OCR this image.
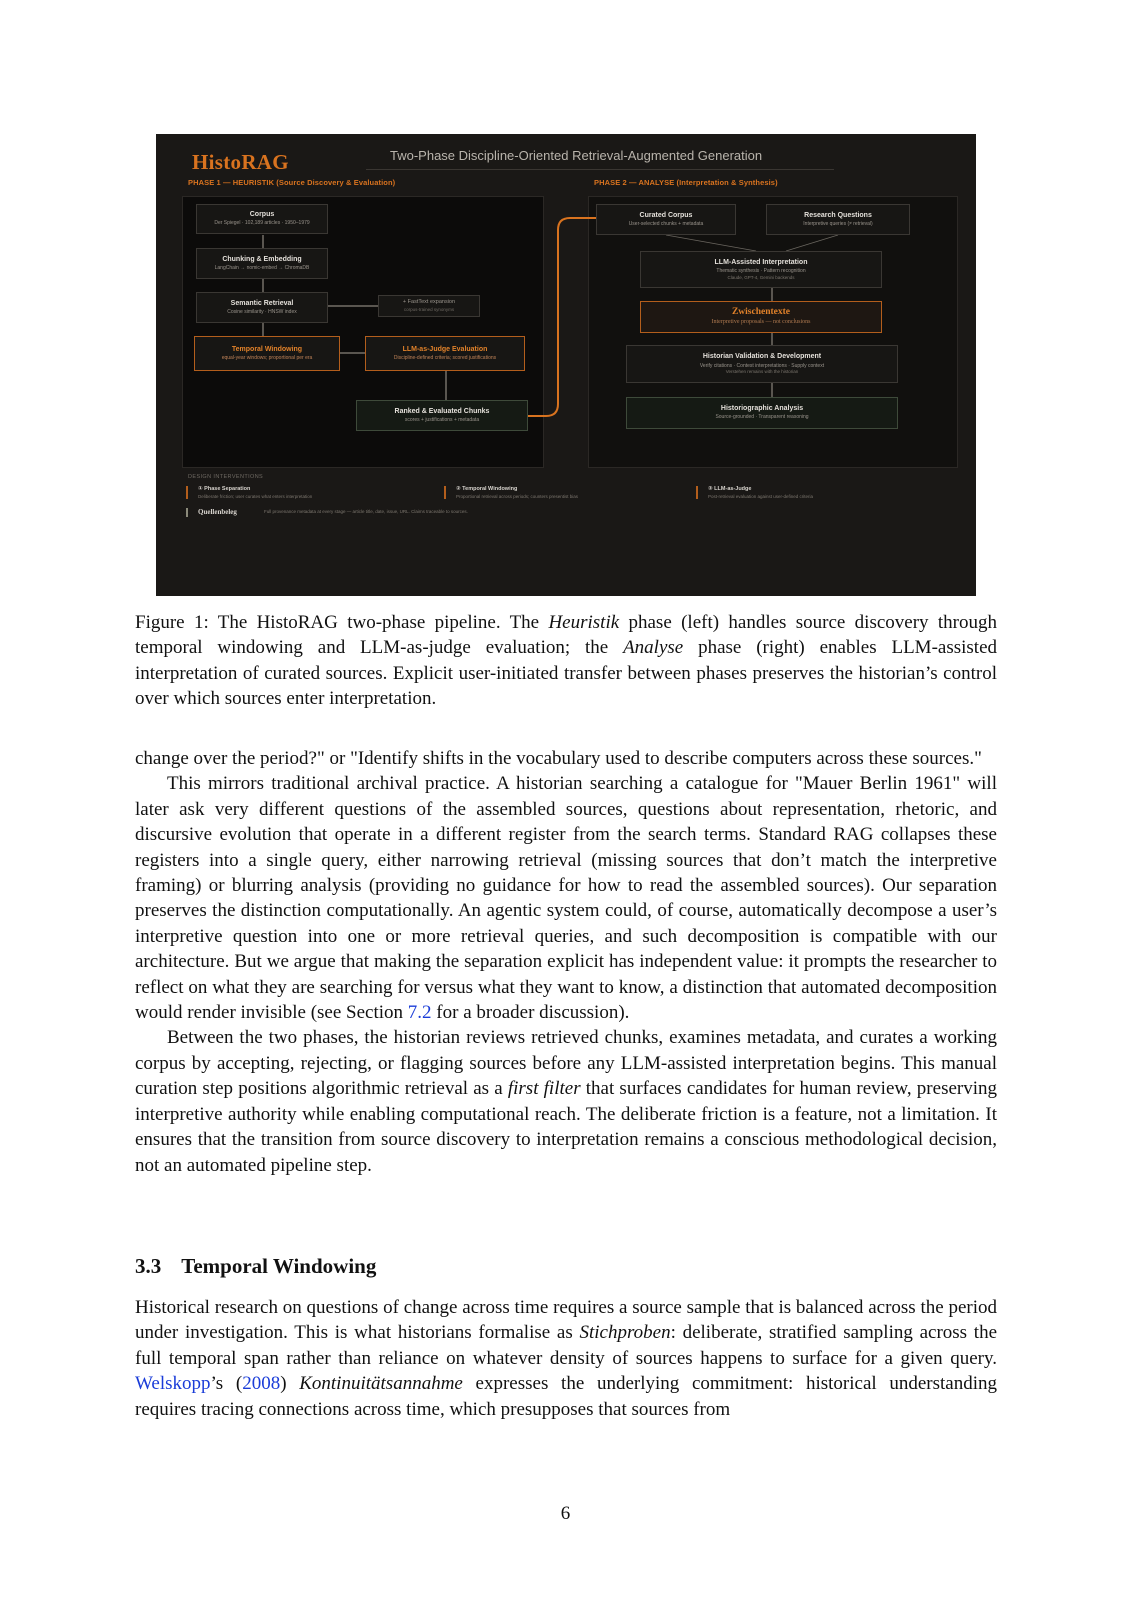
HistoRAG	Two-Phase Discipline-Oriented Retrieval-Augmented Generation
PHASE 1 — HEURISTIK (Source Discovery & Evaluation)	PHASE 2 — ANALYSE (Interpretation & Synthesis)
Corpus
Der Spiegel · 102,189 articles · 1950–1979
Chunking & Embedding
LangChain → nomic-embed → ChromaDB
Semantic Retrieval
Cosine similarity · HNSW index
+ FastText expansion
corpus-trained synonyms
Temporal Windowing
equal-year windows; proportional per era
LLM-as-Judge Evaluation
Discipline-defined criteria; scored justifications
Ranked & Evaluated Chunks
scores + justifications + metadata
Curated Corpus
User-selected chunks + metadata
Research Questions
Interpretive queries (≠ retrieval)
LLM-Assisted Interpretation
Thematic synthesis · Pattern recognition
Claude, GPT-4, Gemini backends
Zwischentexte
Interpretive proposals — not conclusions
Historian Validation & Development
Verify citations · Contest interpretations · Supply context
Verstehen remains with the historian
Historiographic Analysis
Source-grounded · Transparent reasoning
DESIGN INTERVENTIONS
① Phase Separation
Deliberate friction; user curates what enters interpretation
② Temporal Windowing
Proportional retrieval across periods; counters presentist bias
③ LLM-as-Judge
Post-retrieval evaluation against user-defined criteria
Quellenbeleg	Full provenance metadata at every stage — article title, date, issue, URL. Claims traceable to sources.

Figure 1: The HistoRAG two-phase pipeline. The Heuristik phase (left) handles source discovery through temporal windowing and LLM-as-judge evaluation; the Analyse phase (right) enables LLM-assisted interpretation of curated sources. Explicit user-initiated transfer between phases preserves the historian’s control over which sources enter interpretation.

change over the period?" or "Identify shifts in the vocabulary used to describe computers across these sources."

This mirrors traditional archival practice. A historian searching a catalogue for "Mauer Berlin 1961" will later ask very different questions of the assembled sources, questions about representation, rhetoric, and discursive evolution that operate in a different register from the search terms. Standard RAG collapses these registers into a single query, either narrowing retrieval (missing sources that don’t match the interpretive framing) or blurring analysis (providing no guidance for how to read the assembled sources). Our separation preserves the distinction computationally. An agentic system could, of course, automatically decompose a user’s interpretive question into one or more retrieval queries, and such decomposition is compatible with our architecture. But we argue that making the separation explicit has independent value: it prompts the researcher to reflect on what they are searching for versus what they want to know, a distinction that automated decomposition would render invisible (see Section 7.2 for a broader discussion).

Between the two phases, the historian reviews retrieved chunks, examines metadata, and curates a working corpus by accepting, rejecting, or flagging sources before any LLM-assisted interpretation begins. This manual curation step positions algorithmic retrieval as a first filter that surfaces candidates for human review, preserving interpretive authority while enabling computational reach. The deliberate friction is a feature, not a limitation. It ensures that the transition from source discovery to interpretation remains a conscious methodological decision, not an automated pipeline step.

3.3 Temporal Windowing

Historical research on questions of change across time requires a source sample that is balanced across the period under investigation. This is what historians formalise as Stichproben: deliberate, stratified sampling across the full temporal span rather than reliance on whatever density of sources happens to surface for a given query. Welskopp’s (2008) Kontinuitätsannahme expresses the underlying commitment: historical understanding requires tracing connections across time, which presupposes that sources from

6
